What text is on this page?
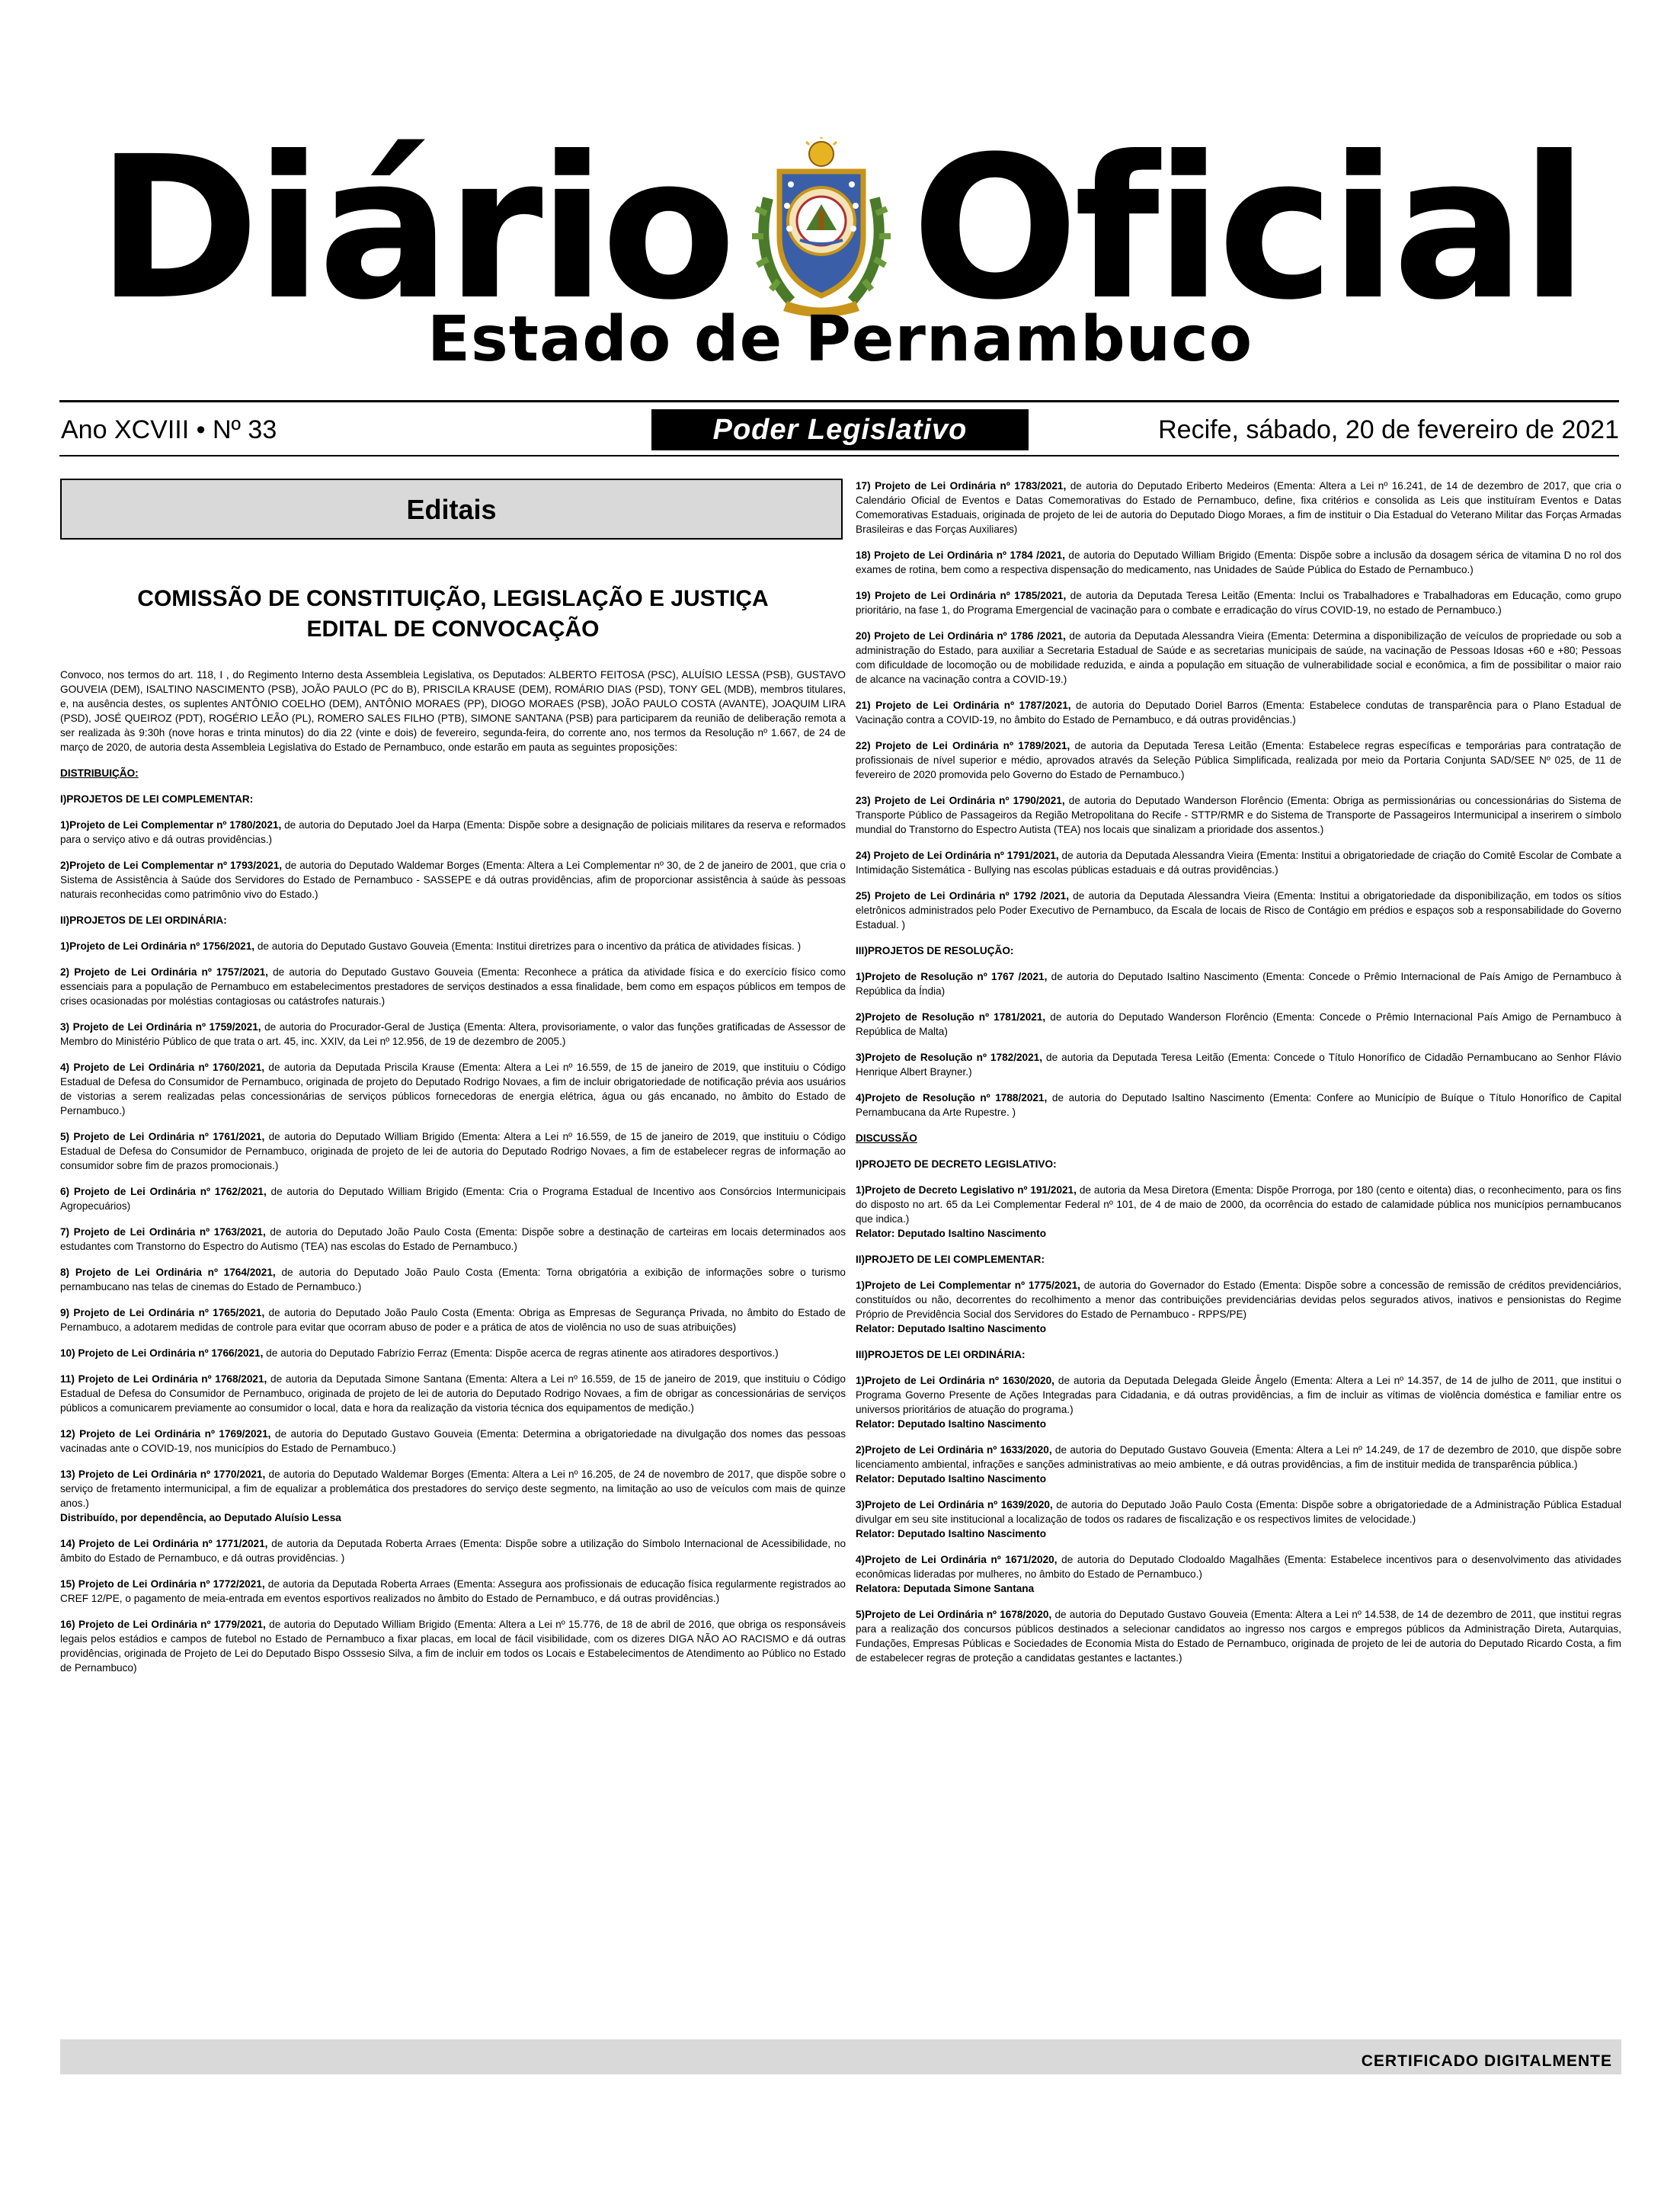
Diário Oficial
Estado de Pernambuco
Ano XCVIII • Nº 33	Poder Legislativo	Recife, sábado, 20 de fevereiro de 2021
Editais
COMISSÃO DE CONSTITUIÇÃO, LEGISLAÇÃO E JUSTIÇA
EDITAL DE CONVOCAÇÃO

Convoco, nos termos do art. 118, I , do Regimento Interno desta Assembleia Legislativa, os Deputados: ALBERTO FEITOSA (PSC), ALUÍSIO LESSA (PSB), GUSTAVO GOUVEIA (DEM), ISALTINO NASCIMENTO (PSB), JOÃO PAULO (PC do B), PRISCILA KRAUSE (DEM), ROMÁRIO DIAS (PSD), TONY GEL (MDB), membros titulares, e, na ausência destes, os suplentes ANTÔNIO COELHO (DEM), ANTÔNIO MORAES (PP), DIOGO MORAES (PSB), JOÃO PAULO COSTA (AVANTE), JOAQUIM LIRA (PSD), JOSÉ QUEIROZ (PDT), ROGÉRIO LEÃO (PL), ROMERO SALES FILHO (PTB), SIMONE SANTANA (PSB) para participarem da reunião de deliberação remota a ser realizada às 9:30h (nove horas e trinta minutos) do dia 22 (vinte e dois) de fevereiro, segunda-feira, do corrente ano, nos termos da Resolução nº 1.667, de 24 de março de 2020, de autoria desta Assembleia Legislativa do Estado de Pernambuco, onde estarão em pauta as seguintes proposições:

DISTRIBUIÇÃO:

I)PROJETOS DE LEI COMPLEMENTAR:

1)Projeto de Lei Complementar nº 1780/2021, de autoria do Deputado Joel da Harpa (Ementa: Dispõe sobre a designação de policiais militares da reserva e reformados para o serviço ativo e dá outras providências.)

2)Projeto de Lei Complementar nº 1793/2021, de autoria do Deputado Waldemar Borges (Ementa: Altera a Lei Complementar nº 30, de 2 de janeiro de 2001, que cria o Sistema de Assistência à Saúde dos Servidores do Estado de Pernambuco - SASSEPE e dá outras providências, afim de proporcionar assistência à saúde às pessoas naturais reconhecidas como patrimônio vivo do Estado.)

II)PROJETOS DE LEI ORDINÁRIA:

1)Projeto de Lei Ordinária nº 1756/2021, de autoria do Deputado Gustavo Gouveia (Ementa: Institui diretrizes para o incentivo da prática de atividades físicas. )

2) Projeto de Lei Ordinária nº 1757/2021, de autoria do Deputado Gustavo Gouveia (Ementa: Reconhece a prática da atividade física e do exercício físico como essenciais para a população de Pernambuco em estabelecimentos prestadores de serviços destinados a essa finalidade, bem como em espaços públicos em tempos de crises ocasionadas por moléstias contagiosas ou catástrofes naturais.)

3) Projeto de Lei Ordinária nº 1759/2021, de autoria do Procurador-Geral de Justiça (Ementa: Altera, provisoriamente, o valor das funções gratificadas de Assessor de Membro do Ministério Público de que trata o art. 45, inc. XXIV, da Lei nº 12.956, de 19 de dezembro de 2005.)

4) Projeto de Lei Ordinária nº 1760/2021, de autoria da Deputada Priscila Krause (Ementa: Altera a Lei nº 16.559, de 15 de janeiro de 2019, que instituiu o Código Estadual de Defesa do Consumidor de Pernambuco, originada de projeto do Deputado Rodrigo Novaes, a fim de incluir obrigatoriedade de notificação prévia aos usuários de vistorias a serem realizadas pelas concessionárias de serviços públicos fornecedoras de energia elétrica, água ou gás encanado, no âmbito do Estado de Pernambuco.)

5) Projeto de Lei Ordinária nº 1761/2021, de autoria do Deputado William Brigido (Ementa: Altera a Lei nº 16.559, de 15 de janeiro de 2019, que instituiu o Código Estadual de Defesa do Consumidor de Pernambuco, originada de projeto de lei de autoria do Deputado Rodrigo Novaes, a fim de estabelecer regras de informação ao consumidor sobre fim de prazos promocionais.)

6) Projeto de Lei Ordinária nº 1762/2021, de autoria do Deputado William Brigido (Ementa: Cria o Programa Estadual de Incentivo aos Consórcios Intermunicipais Agropecuários)

7) Projeto de Lei Ordinária nº 1763/2021, de autoria do Deputado João Paulo Costa (Ementa: Dispõe sobre a destinação de carteiras em locais determinados aos estudantes com Transtorno do Espectro do Autismo (TEA) nas escolas do Estado de Pernambuco.)

8) Projeto de Lei Ordinária nº 1764/2021, de autoria do Deputado João Paulo Costa (Ementa: Torna obrigatória a exibição de informações sobre o turismo pernambucano nas telas de cinemas do Estado de Pernambuco.)

9) Projeto de Lei Ordinária nº 1765/2021, de autoria do Deputado João Paulo Costa (Ementa: Obriga as Empresas de Segurança Privada, no âmbito do Estado de Pernambuco, a adotarem medidas de controle para evitar que ocorram abuso de poder e a prática de atos de violência no uso de suas atribuições)

10) Projeto de Lei Ordinária nº 1766/2021, de autoria do Deputado Fabrízio Ferraz (Ementa: Dispõe acerca de regras atinente aos atiradores desportivos.)

11) Projeto de Lei Ordinária nº 1768/2021, de autoria da Deputada Simone Santana (Ementa: Altera a Lei nº 16.559, de 15 de janeiro de 2019, que instituiu o Código Estadual de Defesa do Consumidor de Pernambuco, originada de projeto de lei de autoria do Deputado Rodrigo Novaes, a fim de obrigar as concessionárias de serviços públicos a comunicarem previamente ao consumidor o local, data e hora da realização da vistoria técnica dos equipamentos de medição.)

12) Projeto de Lei Ordinária nº 1769/2021, de autoria do Deputado Gustavo Gouveia (Ementa: Determina a obrigatoriedade na divulgação dos nomes das pessoas vacinadas ante o COVID-19, nos municípios do Estado de Pernambuco.)

13) Projeto de Lei Ordinária nº 1770/2021, de autoria do Deputado Waldemar Borges (Ementa: Altera a Lei nº 16.205, de 24 de novembro de 2017, que dispõe sobre o serviço de fretamento intermunicipal, a fim de equalizar a problemática dos prestadores do serviço deste segmento, na limitação ao uso de veículos com mais de quinze anos.)
Distribuído, por dependência, ao Deputado Aluísio Lessa

14) Projeto de Lei Ordinária nº 1771/2021, de autoria da Deputada Roberta Arraes (Ementa: Dispõe sobre a utilização do Símbolo Internacional de Acessibilidade, no âmbito do Estado de Pernambuco, e dá outras providências. )

15) Projeto de Lei Ordinária nº 1772/2021, de autoria da Deputada Roberta Arraes (Ementa: Assegura aos profissionais de educação física regularmente registrados ao CREF 12/PE, o pagamento de meia-entrada em eventos esportivos realizados no âmbito do Estado de Pernambuco, e dá outras providências.)

16) Projeto de Lei Ordinária nº 1779/2021, de autoria do Deputado William Brigido (Ementa: Altera a Lei nº 15.776, de 18 de abril de 2016, que obriga os responsáveis legais pelos estádios e campos de futebol no Estado de Pernambuco a fixar placas, em local de fácil visibilidade, com os dizeres DIGA NÃO AO RACISMO e dá outras providências, originada de Projeto de Lei do Deputado Bispo Osssesio Silva, a fim de incluir em todos os Locais e Estabelecimentos de Atendimento ao Público no Estado de Pernambuco)

17) Projeto de Lei Ordinária nº 1783/2021, de autoria do Deputado Eriberto Medeiros (Ementa: Altera a Lei nº 16.241, de 14 de dezembro de 2017, que cria o Calendário Oficial de Eventos e Datas Comemorativas do Estado de Pernambuco, define, fixa critérios e consolida as Leis que instituíram Eventos e Datas Comemorativas Estaduais, originada de projeto de lei de autoria do Deputado Diogo Moraes, a fim de instituir o Dia Estadual do Veterano Militar das Forças Armadas Brasileiras e das Forças Auxiliares)

18) Projeto de Lei Ordinária nº 1784 /2021, de autoria do Deputado William Brigido (Ementa: Dispõe sobre a inclusão da dosagem sérica de vitamina D no rol dos exames de rotina, bem como a respectiva dispensação do medicamento, nas Unidades de Saúde Pública do Estado de Pernambuco.)

19) Projeto de Lei Ordinária nº 1785/2021, de autoria da Deputada Teresa Leitão (Ementa: Inclui os Trabalhadores e Trabalhadoras em Educação, como grupo prioritário, na fase 1, do Programa Emergencial de vacinação para o combate e erradicação do vírus COVID-19, no estado de Pernambuco.)

20) Projeto de Lei Ordinária nº 1786 /2021, de autoria da Deputada Alessandra Vieira (Ementa: Determina a disponibilização de veículos de propriedade ou sob a administração do Estado, para auxiliar a Secretaria Estadual de Saúde e as secretarias municipais de saúde, na vacinação de Pessoas Idosas +60 e +80; Pessoas com dificuldade de locomoção ou de mobilidade reduzida, e ainda a população em situação de vulnerabilidade social e econômica, a fim de possibilitar o maior raio de alcance na vacinação contra a COVID-19.)

21) Projeto de Lei Ordinária nº 1787/2021, de autoria do Deputado Doriel Barros (Ementa: Estabelece condutas de transparência para o Plano Estadual de Vacinação contra a COVID-19, no âmbito do Estado de Pernambuco, e dá outras providências.)

22) Projeto de Lei Ordinária nº 1789/2021, de autoria da Deputada Teresa Leitão (Ementa: Estabelece regras específicas e temporárias para contratação de profissionais de nível superior e médio, aprovados através da Seleção Pública Simplificada, realizada por meio da Portaria Conjunta SAD/SEE Nº 025, de 11 de fevereiro de 2020 promovida pelo Governo do Estado de Pernambuco.)

23) Projeto de Lei Ordinária nº 1790/2021, de autoria do Deputado Wanderson Florêncio (Ementa: Obriga as permissionárias ou concessionárias do Sistema de Transporte Público de Passageiros da Região Metropolitana do Recife - STTP/RMR e do Sistema de Transporte de Passageiros Intermunicipal a inserirem o símbolo mundial do Transtorno do Espectro Autista (TEA) nos locais que sinalizam a prioridade dos assentos.)

24) Projeto de Lei Ordinária nº 1791/2021, de autoria da Deputada Alessandra Vieira (Ementa: Institui a obrigatoriedade de criação do Comitê Escolar de Combate a Intimidação Sistemática - Bullying nas escolas públicas estaduais e dá outras providências.)

25) Projeto de Lei Ordinária nº 1792 /2021, de autoria da Deputada Alessandra Vieira (Ementa: Institui a obrigatoriedade da disponibilização, em todos os sítios eletrônicos administrados pelo Poder Executivo de Pernambuco, da Escala de locais de Risco de Contágio em prédios e espaços sob a responsabilidade do Governo Estadual. )

III)PROJETOS DE RESOLUÇÃO:

1)Projeto de Resolução nº 1767 /2021, de autoria do Deputado Isaltino Nascimento (Ementa: Concede o Prêmio Internacional de País Amigo de Pernambuco à República da Índia)

2)Projeto de Resolução nº 1781/2021, de autoria do Deputado Wanderson Florêncio (Ementa: Concede o Prêmio Internacional País Amigo de Pernambuco à República de Malta)

3)Projeto de Resolução nº 1782/2021, de autoria da Deputada Teresa Leitão (Ementa: Concede o Título Honorífico de Cidadão Pernambucano ao Senhor Flávio Henrique Albert Brayner.)

4)Projeto de Resolução nº 1788/2021, de autoria do Deputado Isaltino Nascimento (Ementa: Confere ao Município de Buíque o Título Honorífico de Capital Pernambucana da Arte Rupestre. )

DISCUSSÃO

I)PROJETO DE DECRETO LEGISLATIVO:

1)Projeto de Decreto Legislativo nº 191/2021, de autoria da Mesa Diretora (Ementa: Dispõe Prorroga, por 180 (cento e oitenta) dias, o reconhecimento, para os fins do disposto no art. 65 da Lei Complementar Federal nº 101, de 4 de maio de 2000, da ocorrência do estado de calamidade pública nos municípios pernambucanos que indica.)
Relator: Deputado Isaltino Nascimento

II)PROJETO DE LEI COMPLEMENTAR:

1)Projeto de Lei Complementar nº 1775/2021, de autoria do Governador do Estado (Ementa: Dispõe sobre a concessão de remissão de créditos previdenciários, constituídos ou não, decorrentes do recolhimento a menor das contribuições previdenciárias devidas pelos segurados ativos, inativos e pensionistas do Regime Próprio de Previdência Social dos Servidores do Estado de Pernambuco - RPPS/PE)
Relator: Deputado Isaltino Nascimento

III)PROJETOS DE LEI ORDINÁRIA:

1)Projeto de Lei Ordinária nº 1630/2020, de autoria da Deputada Delegada Gleide Ângelo (Ementa: Altera a Lei nº 14.357, de 14 de julho de 2011, que institui o Programa Governo Presente de Ações Integradas para Cidadania, e dá outras providências, a fim de incluir as vítimas de violência doméstica e familiar entre os universos prioritários de atuação do programa.)
Relator: Deputado Isaltino Nascimento

2)Projeto de Lei Ordinária nº 1633/2020, de autoria do Deputado Gustavo Gouveia (Ementa: Altera a Lei nº 14.249, de 17 de dezembro de 2010, que dispõe sobre licenciamento ambiental, infrações e sanções administrativas ao meio ambiente, e dá outras providências, a fim de instituir medida de transparência pública.)
Relator: Deputado Isaltino Nascimento

3)Projeto de Lei Ordinária nº 1639/2020, de autoria do Deputado João Paulo Costa (Ementa: Dispõe sobre a obrigatoriedade de a Administração Pública Estadual divulgar em seu site institucional a localização de todos os radares de fiscalização e os respectivos limites de velocidade.)
Relator: Deputado Isaltino Nascimento

4)Projeto de Lei Ordinária nº 1671/2020, de autoria do Deputado Clodoaldo Magalhães (Ementa: Estabelece incentivos para o desenvolvimento das atividades econômicas lideradas por mulheres, no âmbito do Estado de Pernambuco.)
Relatora: Deputada Simone Santana

5)Projeto de Lei Ordinária nº 1678/2020, de autoria do Deputado Gustavo Gouveia (Ementa: Altera a Lei nº 14.538, de 14 de dezembro de 2011, que institui regras para a realização dos concursos públicos destinados a selecionar candidatos ao ingresso nos cargos e empregos públicos da Administração Direta, Autarquias, Fundações, Empresas Públicas e Sociedades de Economia Mista do Estado de Pernambuco, originada de projeto de lei de autoria do Deputado Ricardo Costa, a fim de estabelecer regras de proteção a candidatas gestantes e lactantes.)

CERTIFICADO DIGITALMENTE
